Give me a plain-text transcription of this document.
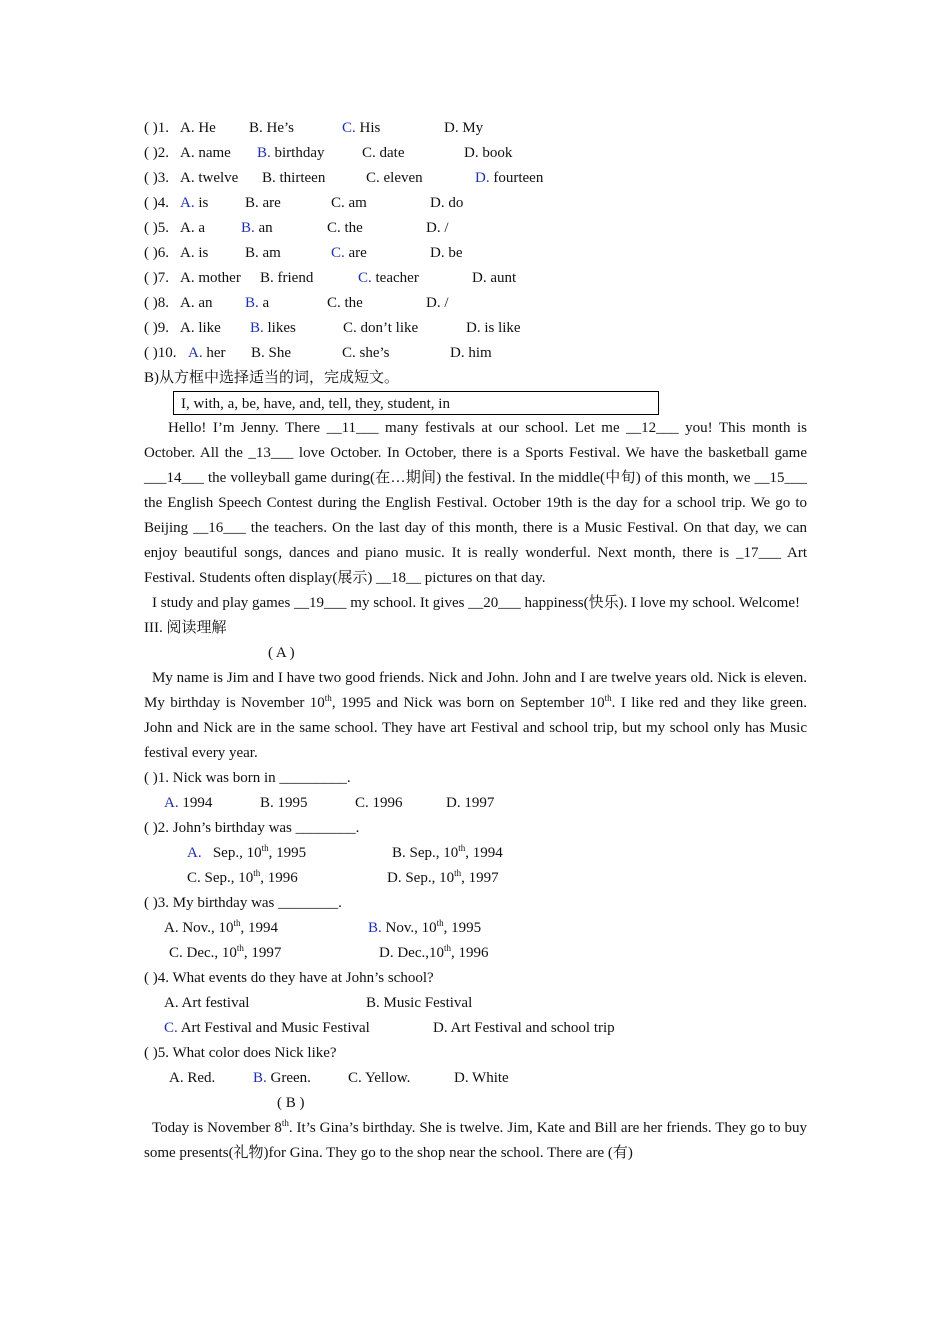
( )1. A. He B. He’s	C. His	D. My
( )2. A. name B. birthday C. date	D. book
( )3. A. twelve B. thirteen	C. eleven	D. fourteen
( )4. A. is B. are	C. am	D. do
( )5. A. a B. an	C. the	D. /
( )6. A. is B. am	C. are	D. be
( )7. A. mother B. friend	C. teacher	D. aunt
( )8. A. an B. a	C. the	D. /
( )9. A. like B. likes	C. don’t like	D. is like
( )10. A. her B. She	C. she’s	D. him
B)从方框中选择适当的词，完成短文。
I, with, a, be, have, and, tell, they, student, in

Hello! I’m Jenny. There __11___ many festivals at our school. Let me __12___ you! This month is October. All the _13___ love October. In October, there is a Sports Festival. We have the basketball game ___14___ the volleyball game during(在…期间) the festival. In the middle(中旬) of this month, we __15___ the English Speech Contest during the English Festival. October 19th is the day for a school trip. We go to Beijing __16___ the teachers. On the last day of this month, there is a Music Festival. On that day, we can enjoy beautiful songs, dances and piano music. It is really wonderful. Next month, there is _17___ Art Festival. Students often display(展示) __18__ pictures on that day.

I study and play games __19___ my school. It gives __20___ happiness(快乐). I love my school. Welcome!

III. 阅读理解
( A )

My name is Jim and I have two good friends. Nick and John. John and I are twelve years old. Nick is eleven. My birthday is November 10th, 1995 and Nick was born on September 10th. I like red and they like green. John and Nick are in the same school. They have art Festival and school trip, but my school only has Music festival every year.

( )1. Nick was born in _________.
A. 1994	B. 1995	C. 1996	D. 1997
( )2. John’s birthday was ________.
A. Sep., 10th, 1995	B. Sep., 10th, 1994
C. Sep., 10th, 1996	D. Sep., 10th, 1997
( )3. My birthday was ________.
A. Nov., 10th, 1994	B. Nov., 10th, 1995
C. Dec., 10th, 1997	D. Dec.,10th, 1996
( )4. What events do they have at John’s school?
A. Art festival	B. Music Festival
C. Art Festival and Music Festival	D. Art Festival and school trip
( )5. What color does Nick like?
A. Red.	B. Green. C. Yellow.	D. White
( B )

Today is November 8th. It’s Gina’s birthday. She is twelve. Jim, Kate and Bill are her friends. They go to buy some presents(礼物)for Gina. They go to the shop near the school. There are (有)
